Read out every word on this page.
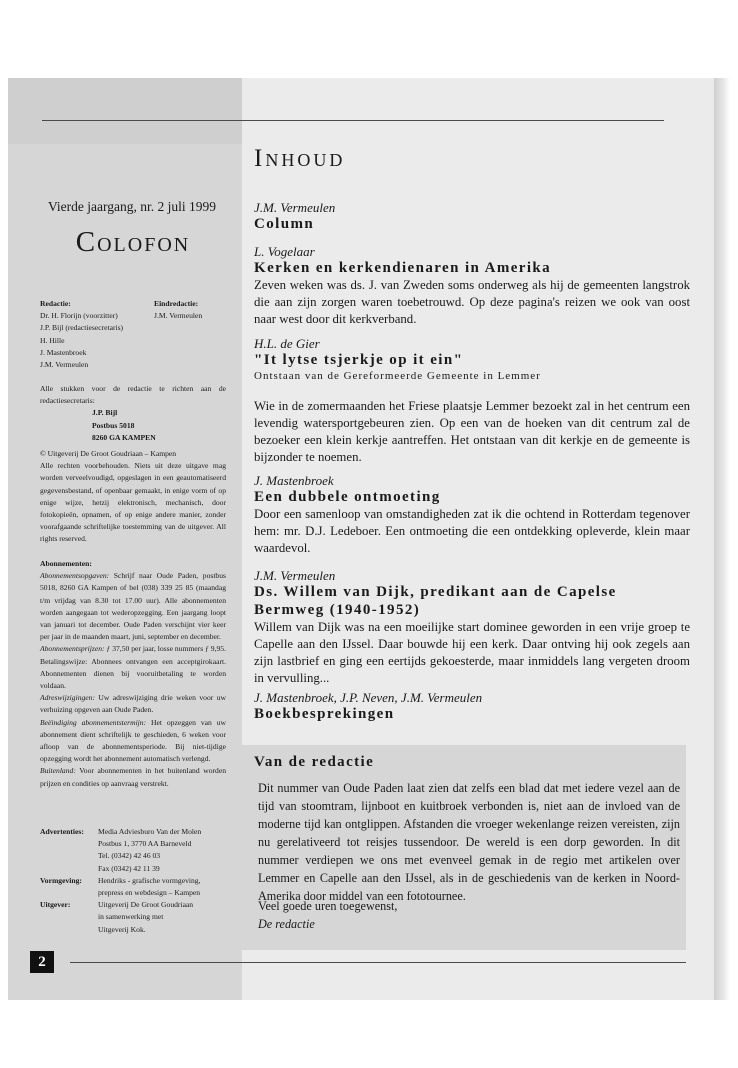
2
Vierde jaargang, nr. 2 juli 1999
Colofon
Redactie:
Dr. H. Florijn (voorzitter)
J.P. Bijl (redactiesecretaris)
H. Hille
J. Mastenbroek
J.M. Vermeulen
Eindredactie:
J.M. Vermeulen
Alle stukken voor de redactie te richten aan de redactiesecretaris:
J.P. Bijl
Postbus 5018
8260 GA KAMPEN
© Uitgeverij De Groot Goudriaan – Kampen
Alle rechten voorbehouden. Niets uit deze uitgave mag worden verveelvoudigd, opgeslagen in een geautomatiseerd gegevensbestand, of openbaar gemaakt, in enige vorm of op enige wijze, hetzij elektronisch, mechanisch, door fotokopieën, opnamen, of op enige andere manier, zonder voorafgaande schriftelijke toestemming van de uitgever. All rights reserved.
Abonnementen:
Abonnementsopgaven: Schrijf naar Oude Paden, postbus 5018, 8260 GA Kampen of bel (038) 339 25 85 (maandag t/m vrijdag van 8.30 tot 17.00 uur). Alle abonnementen worden aangegaan tot wederopzegging. Een jaargang loopt van januari tot december. Oude Paden verschijnt vier keer per jaar in de maanden maart, juni, september en december.
Abonnementsprijzen: ƒ 37,50 per jaar, losse nummers ƒ 9,95. Betalingswijze: Abonnees ontvangen een acceptgirokaart. Abonnementen dienen bij vooruitbetaling te worden voldaan.
Adreswijzigingen: Uw adreswijziging drie weken voor uw verhuizing opgeven aan Oude Paden.
Beëindiging abonnementstermijn: Het opzeggen van uw abonnement dient schriftelijk te geschieden, 6 weken voor afloop van de abonnementsperiode. Bij niet-tijdige opzegging wordt het abonnement automatisch verlengd.
Buitenland: Voor abonnementen in het buitenland worden prijzen en condities op aanvraag verstrekt.
Advertenties:	Media Adviesburo Van der Molen
Postbus 1, 3770 AA Barneveld
Tel. (0342) 42 46 03
Fax (0342) 42 11 39
Vormgeving:	Hendriks - grafische vormgeving,
prepress en webdesign – Kampen
Uitgever:	Uitgeverij De Groot Goudriaan
in samenwerking met
Uitgeverij Kok.
Inhoud
J.M. Vermeulen
Column
L. Vogelaar
Kerken en kerkendienaren in Amerika
Zeven weken was ds. J. van Zweden soms onderweg als hij de gemeenten langstrok die aan zijn zorgen waren toebetrouwd. Op deze pagina's reizen we ook van oost naar west door dit kerkverband.
H.L. de Gier
"It lytse tsjerkje op it ein"
Ontstaan van de Gereformeerde Gemeente in Lemmer
Wie in de zomermaanden het Friese plaatsje Lemmer bezoekt zal in het centrum een levendig watersportgebeuren zien. Op een van de hoeken van dit centrum zal de bezoeker een klein kerkje aantreffen. Het ontstaan van dit kerkje en de gemeente is bijzonder te noemen.
J. Mastenbroek
Een dubbele ontmoeting
Door een samenloop van omstandigheden zat ik die ochtend in Rotterdam tegenover hem: mr. D.J. Ledeboer. Een ontmoeting die een ontdekking opleverde, klein maar waardevol.
J.M. Vermeulen
Ds. Willem van Dijk, predikant aan de Capelse Bermweg (1940-1952)
Willem van Dijk was na een moeilijke start dominee geworden in een vrije groep te Capelle aan den IJssel. Daar bouwde hij een kerk. Daar ontving hij ook zegels aan zijn lastbrief en ging een eertijds gekoesterde, maar inmiddels lang vergeten droom in vervulling...
J. Mastenbroek, J.P. Neven, J.M. Vermeulen
Boekbesprekingen
Van de redactie
Dit nummer van Oude Paden laat zien dat zelfs een blad dat met iedere vezel aan de tijd van stoomtram, lijnboot en kuitbroek verbonden is, niet aan de invloed van de moderne tijd kan ontglippen. Afstanden die vroeger wekenlange reizen vereisten, zijn nu gerelativeerd tot reisjes tussendoor. De wereld is een dorp geworden. In dit nummer verdiepen we ons met evenveel gemak in de regio met artikelen over Lemmer en Capelle aan den IJssel, als in de geschiedenis van de kerken in Noord-Amerika door middel van een fototournee.
Veel goede uren toegewenst,
De redactie
